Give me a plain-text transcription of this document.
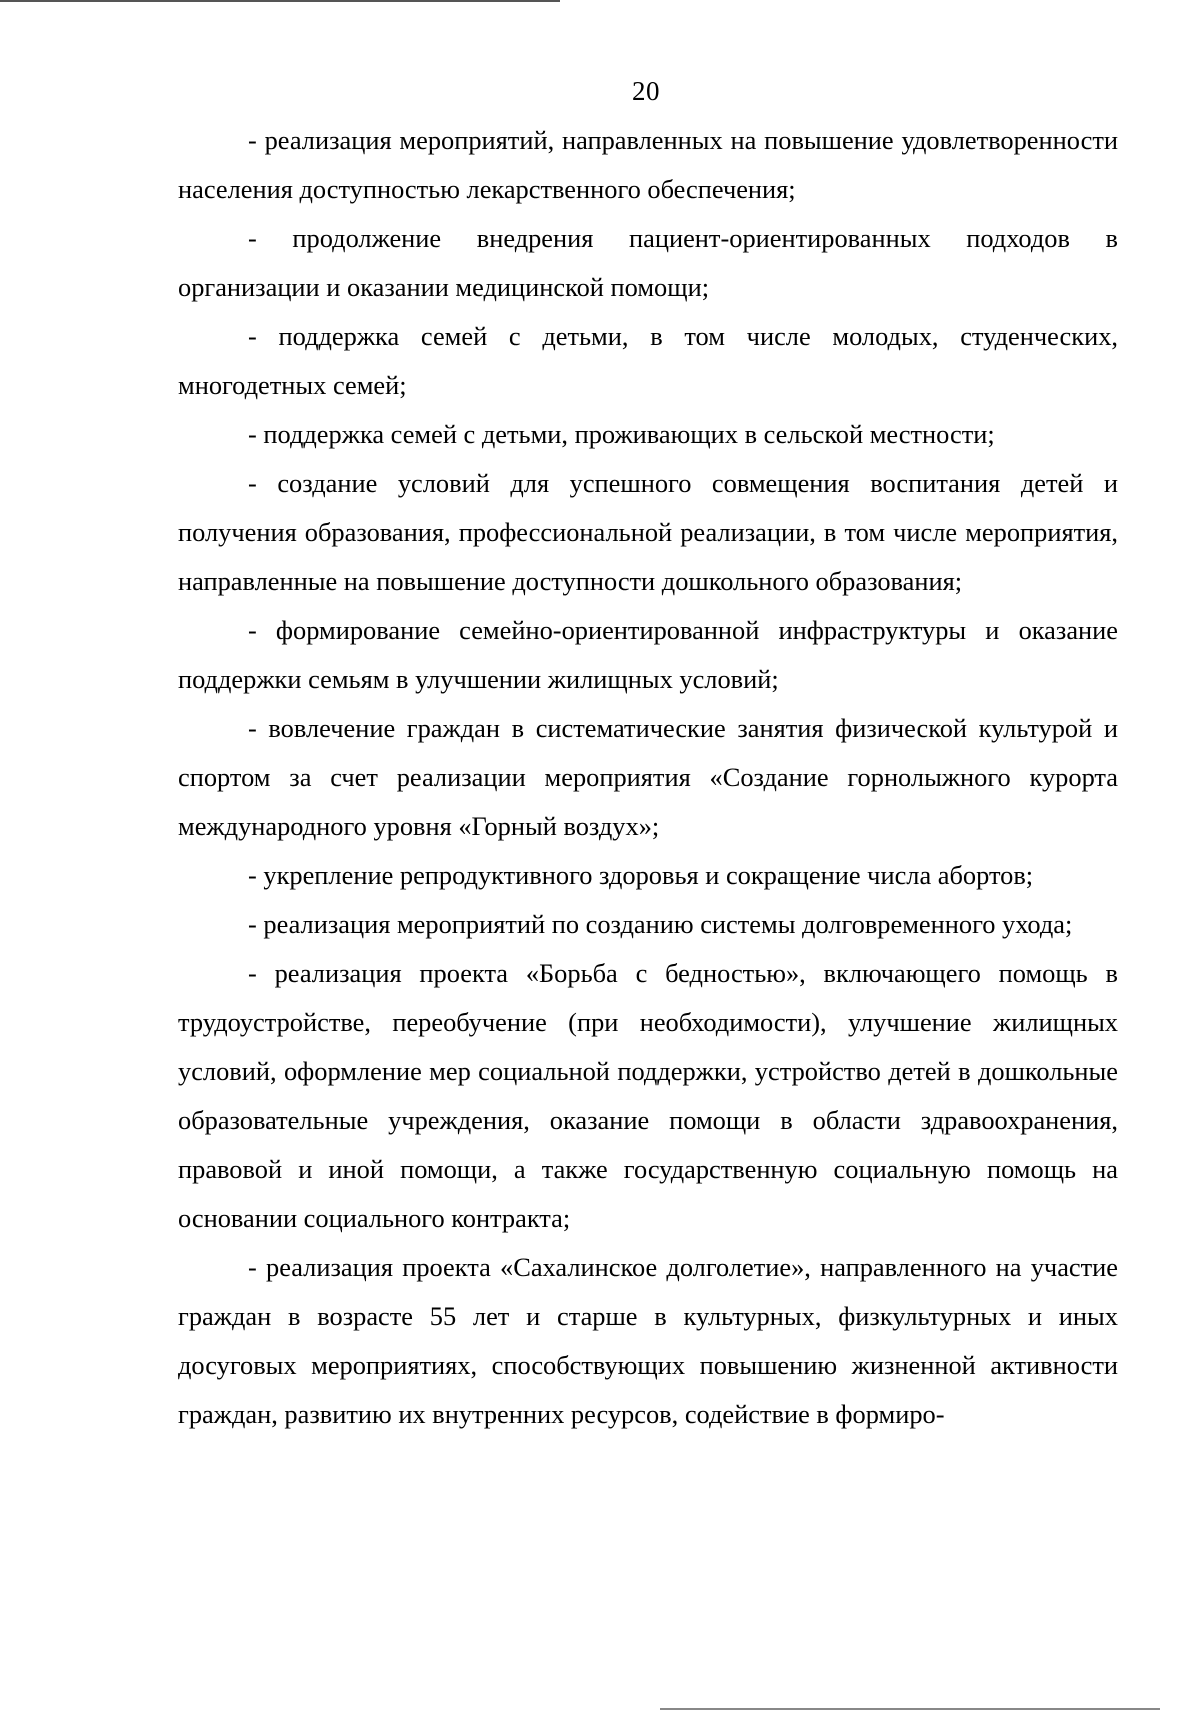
20

- реализация мероприятий, направленных на повышение удовлетворенности населения доступностью лекарственного обеспечения;

- продолжение внедрения пациент-ориентированных подходов в организации и оказании медицинской помощи;

- поддержка семей с детьми, в том числе молодых, студенческих, многодетных семей;

- поддержка семей с детьми, проживающих в сельской местности;

- создание условий для успешного совмещения воспитания детей и получения образования, профессиональной реализации, в том числе мероприятия, направленные на повышение доступности дошкольного образования;

- формирование семейно-ориентированной инфраструктуры и оказание поддержки семьям в улучшении жилищных условий;

- вовлечение граждан в систематические занятия физической культурой и спортом за счет реализации мероприятия «Создание горнолыжного курорта международного уровня «Горный воздух»;

- укрепление репродуктивного здоровья и сокращение числа абортов;

- реализация мероприятий по созданию системы долговременного ухода;

- реализация проекта «Борьба с бедностью», включающего помощь в трудоустройстве, переобучение (при необходимости), улучшение жилищных условий, оформление мер социальной поддержки, устройство детей в дошкольные образовательные учреждения, оказание помощи в области здравоохранения, правовой и иной помощи, а также государственную социальную помощь на основании социального контракта;

- реализация проекта «Сахалинское долголетие», направленного на участие граждан в возрасте 55 лет и старше в культурных, физкультурных и иных досуговых мероприятиях, способствующих повышению жизненной активности граждан, развитию их внутренних ресурсов, содействие в формиро-
